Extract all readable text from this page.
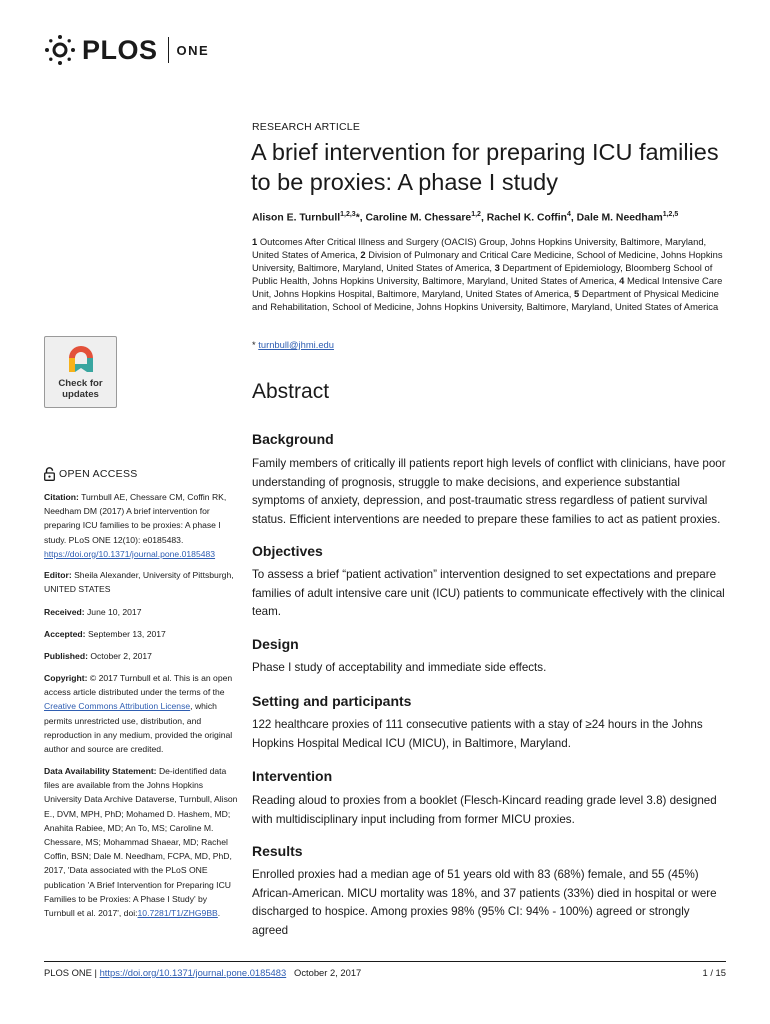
PLOS ONE
RESEARCH ARTICLE
A brief intervention for preparing ICU families to be proxies: A phase I study
Alison E. Turnbull$^{1,2,3}$*, Caroline M. Chessare$^{1,2}$, Rachel K. Coffin$^4$, Dale M. Needham$^{1,2,5}$
1 Outcomes After Critical Illness and Surgery (OACIS) Group, Johns Hopkins University, Baltimore, Maryland, United States of America, 2 Division of Pulmonary and Critical Care Medicine, School of Medicine, Johns Hopkins University, Baltimore, Maryland, United States of America, 3 Department of Epidemiology, Bloomberg School of Public Health, Johns Hopkins University, Baltimore, Maryland, United States of America, 4 Medical Intensive Care Unit, Johns Hopkins Hospital, Baltimore, Maryland, United States of America, 5 Department of Physical Medicine and Rehabilitation, School of Medicine, Johns Hopkins University, Baltimore, Maryland, United States of America
* turnbull@jhmi.edu
Abstract
Background

Family members of critically ill patients report high levels of conflict with clinicians, have poor understanding of prognosis, struggle to make decisions, and experience substantial symptoms of anxiety, depression, and post-traumatic stress regardless of patient survival status. Efficient interventions are needed to prepare these families to act as patient proxies.

Objectives

To assess a brief “patient activation” intervention designed to set expectations and prepare families of adult intensive care unit (ICU) patients to communicate effectively with the clinical team.

Design

Phase I study of acceptability and immediate side effects.

Setting and participants

122 healthcare proxies of 111 consecutive patients with a stay of ≥24 hours in the Johns Hopkins Hospital Medical ICU (MICU), in Baltimore, Maryland.

Intervention

Reading aloud to proxies from a booklet (Flesch-Kincard reading grade level 3.8) designed with multidisciplinary input including from former MICU proxies.

Results

Enrolled proxies had a median age of 51 years old with 83 (68%) female, and 55 (45%) African-American. MICU mortality was 18%, and 37 patients (33%) died in hospital or were discharged to hospice. Among proxies 98% (95% CI: 94% - 100%) agreed or strongly agreed

Check for
updates
OPEN ACCESS
Citation: Turnbull AE, Chessare CM, Coffin RK, Needham DM (2017) A brief intervention for preparing ICU families to be proxies: A phase I study. PLoS ONE 12(10): e0185483. https://doi.org/10.1371/journal.pone.0185483
Editor: Sheila Alexander, University of Pittsburgh, UNITED STATES
Received: June 10, 2017
Accepted: September 13, 2017
Published: October 2, 2017
Copyright: © 2017 Turnbull et al. This is an open access article distributed under the terms of the Creative Commons Attribution License, which permits unrestricted use, distribution, and reproduction in any medium, provided the original author and source are credited.
Data Availability Statement: De-identified data files are available from the Johns Hopkins University Data Archive Dataverse, Turnbull, Alison E., DVM, MPH, PhD; Mohamed D. Hashem, MD; Anahita Rabiee, MD; An To, MS; Caroline M. Chessare, MS; Mohammad Shaear, MD; Rachel Coffin, BSN; Dale M. Needham, FCPA, MD, PhD, 2017, 'Data associated with the PLoS ONE publication 'A Brief Intervention for Preparing ICU Families to be Proxies: A Phase I Study' by Turnbull et al. 2017', doi:10.7281/T1/ZHG9BB.
PLOS ONE | https://doi.org/10.1371/journal.pone.0185483 October 2, 2017	1 / 15
